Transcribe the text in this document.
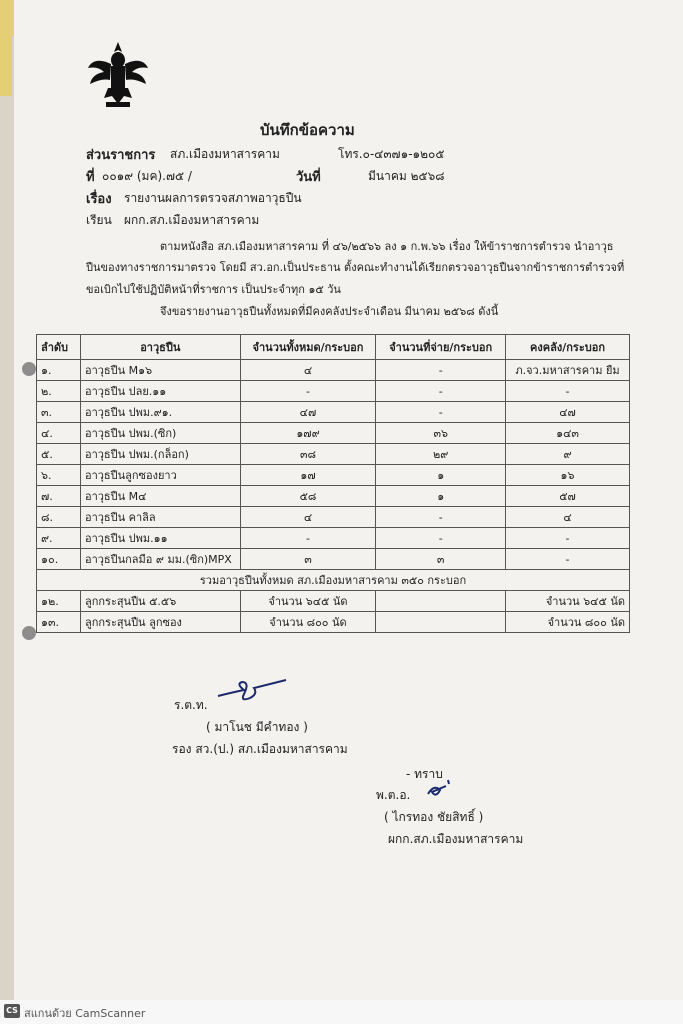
บันทึกข้อความ
ส่วนราชการ สภ.เมืองมหาสารคาม	โทร.๐-๔๓๗๑-๑๒๐๕
ที่ ๐๐๑๙ (มค).๗๕ /	วันที่	มีนาคม ๒๕๖๘
เรื่อง รายงานผลการตรวจสภาพอาวุธปืน
เรียน ผกก.สภ.เมืองมหาสารคาม
ตามหนังสือ สภ.เมืองมหาสารคาม ที่ ๔๖/๒๕๖๖ ลง ๑ ก.พ.๖๖ เรื่อง ให้ข้าราชการตำรวจ นำอาวุธ
ปืนของทางราชการมาตรวจ โดยมี สว.อก.เป็นประธาน ตั้งคณะทำงานได้เรียกตรวจอาวุธปืนจากข้าราชการตำรวจที่
ขอเบิกไปใช้ปฏิบัติหน้าที่ราชการ เป็นประจำทุก ๑๕ วัน
จึงขอรายงานอาวุธปืนทั้งหมดที่มีคงคลังประจำเดือน มีนาคม ๒๕๖๘ ดังนี้
ลำดับ	อาวุธปืน	จำนวนทั้งหมด/กระบอก	จำนวนที่จ่าย/กระบอก	คงคลัง/กระบอก
๑.	อาวุธปืน M๑๖	๔	-	ภ.จว.มหาสารคาม ยืม
๒.	อาวุธปืน ปลย.๑๑	-	-	-
๓.	อาวุธปืน ปพม.๙๑.	๔๗	-	๔๗
๔.	อาวุธปืน ปพม.(ซิก)	๑๗๙	๓๖	๑๔๓
๕.	อาวุธปืน ปพม.(กล็อก)	๓๘	๒๙	๙
๖.	อาวุธปืนลูกซองยาว	๑๗	๑	๑๖
๗.	อาวุธปืน M๔	๕๘	๑	๕๗
๘.	อาวุธปืน คาลิล	๔	-	๔
๙.	อาวุธปืน ปพม.๑๑	-	-	-
๑๐.	อาวุธปืนกลมือ ๙ มม.(ซิก)MPX	๓	๓	-
รวมอาวุธปืนทั้งหมด สภ.เมืองมหาสารคาม ๓๕๐ กระบอก				
๑๒.	ลูกกระสุนปืน ๕.๕๖	จำนวน ๖๔๕ นัด		จำนวน ๖๔๕ นัด
๑๓.	ลูกกระสุนปืน ลูกซอง	จำนวน ๘๐๐ นัด		จำนวน ๘๐๐ นัด
ร.ต.ท.
( มาโนช มีคำทอง )
รอง สว.(ป.) สภ.เมืองมหาสารคาม
- ทราบ
พ.ต.อ.
( ไกรทอง ชัยสิทธิ์ )
ผกก.สภ.เมืองมหาสารคาม
CS สแกนด้วย CamScanner
